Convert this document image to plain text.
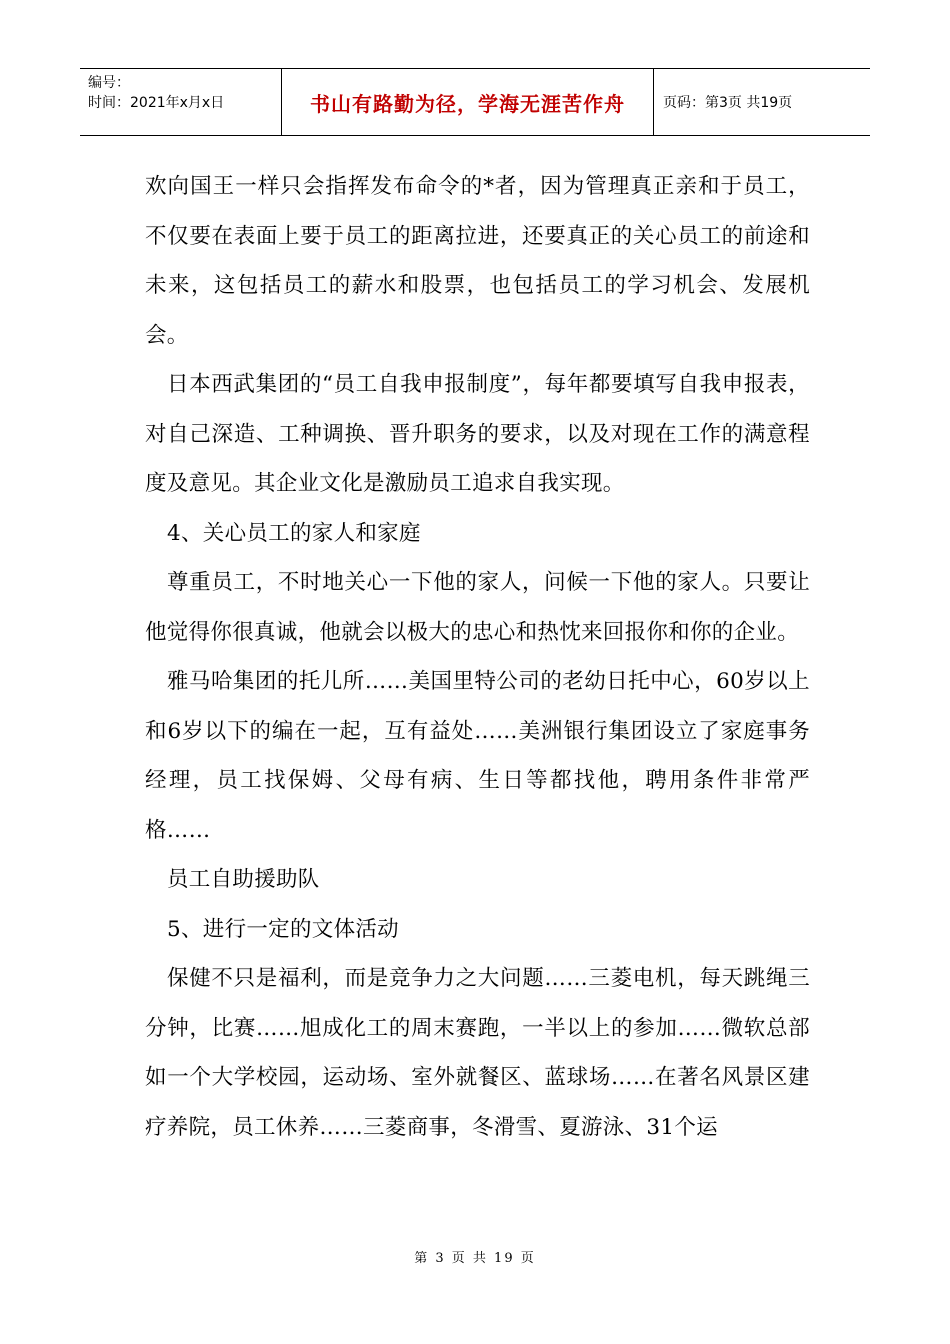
编号：
时间：2021年x月x日	书山有路勤为径，学海无涯苦作舟	页码：第3页 共19页

欢向国王一样只会指挥发布命令的*者，因为管理真正亲和于员工，不仅要在表面上要于员工的距离拉进，还要真正的关心员工的前途和未来，这包括员工的薪水和股票，也包括员工的学习机会、发展机会。

日本西武集团的“员工自我申报制度”，每年都要填写自我申报表，对自己深造、工种调换、晋升职务的要求，以及对现在工作的满意程度及意见。其企业文化是激励员工追求自我实现。

4、关心员工的家人和家庭

尊重员工，不时地关心一下他的家人，问候一下他的家人。只要让他觉得你很真诚，他就会以极大的忠心和热忱来回报你和你的企业。

雅马哈集团的托儿所……美国里特公司的老幼日托中心，60岁以上和6岁以下的编在一起，互有益处……美洲银行集团设立了家庭事务经理，员工找保姆、父母有病、生日等都找他，聘用条件非常严格……

员工自助援助队

5、进行一定的文体活动

保健不只是福利，而是竞争力之大问题……三菱电机，每天跳绳三分钟，比赛……旭成化工的周末赛跑，一半以上的参加……微软总部如一个大学校园，运动场、室外就餐区、蓝球场……在著名风景区建疗养院，员工休养……三菱商事，冬滑雪、夏游泳、31个运

第 3 页 共 19 页
